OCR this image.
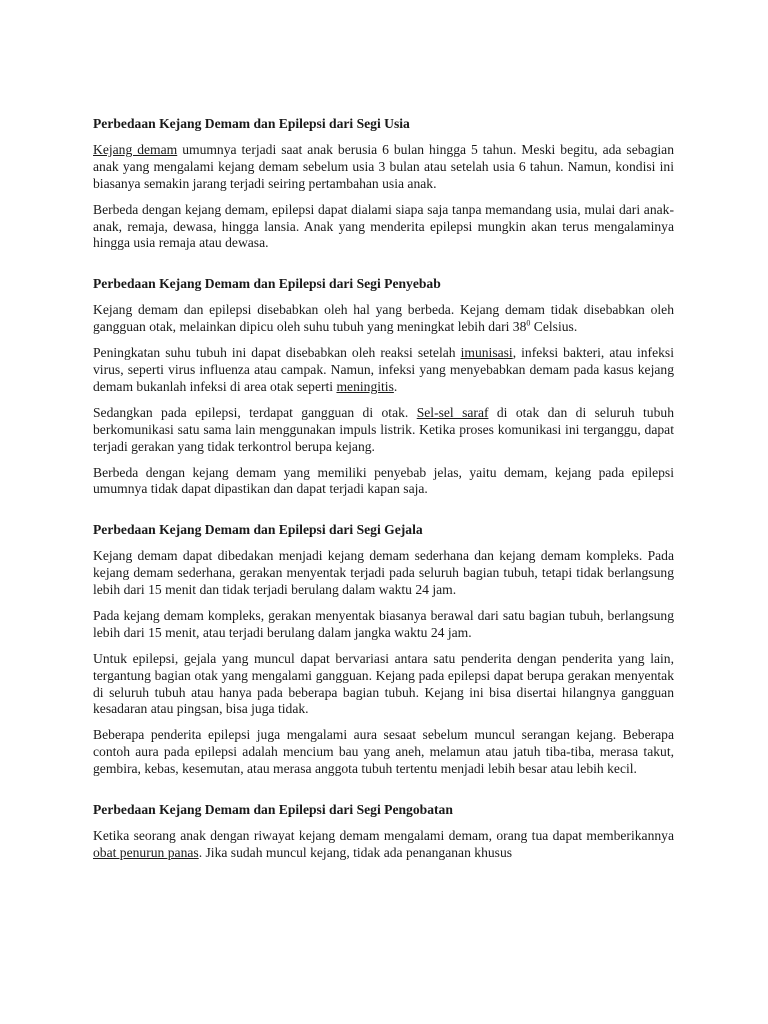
Perbedaan Kejang Demam dan Epilepsi dari Segi Usia

Kejang demam umumnya terjadi saat anak berusia 6 bulan hingga 5 tahun. Meski begitu, ada sebagian anak yang mengalami kejang demam sebelum usia 3 bulan atau setelah usia 6 tahun. Namun, kondisi ini biasanya semakin jarang terjadi seiring pertambahan usia anak.

Berbeda dengan kejang demam, epilepsi dapat dialami siapa saja tanpa memandang usia, mulai dari anak-anak, remaja, dewasa, hingga lansia. Anak yang menderita epilepsi mungkin akan terus mengalaminya hingga usia remaja atau dewasa.

Perbedaan Kejang Demam dan Epilepsi dari Segi Penyebab

Kejang demam dan epilepsi disebabkan oleh hal yang berbeda. Kejang demam tidak disebabkan oleh gangguan otak, melainkan dipicu oleh suhu tubuh yang meningkat lebih dari $38^0$ Celsius.

Peningkatan suhu tubuh ini dapat disebabkan oleh reaksi setelah imunisasi, infeksi bakteri, atau infeksi virus, seperti virus influenza atau campak. Namun, infeksi yang menyebabkan demam pada kasus kejang demam bukanlah infeksi di area otak seperti meningitis.

Sedangkan pada epilepsi, terdapat gangguan di otak. Sel-sel saraf di otak dan di seluruh tubuh berkomunikasi satu sama lain menggunakan impuls listrik. Ketika proses komunikasi ini terganggu, dapat terjadi gerakan yang tidak terkontrol berupa kejang.

Berbeda dengan kejang demam yang memiliki penyebab jelas, yaitu demam, kejang pada epilepsi umumnya tidak dapat dipastikan dan dapat terjadi kapan saja.

Perbedaan Kejang Demam dan Epilepsi dari Segi Gejala

Kejang demam dapat dibedakan menjadi kejang demam sederhana dan kejang demam kompleks. Pada kejang demam sederhana, gerakan menyentak terjadi pada seluruh bagian tubuh, tetapi tidak berlangsung lebih dari 15 menit dan tidak terjadi berulang dalam waktu 24 jam.

Pada kejang demam kompleks, gerakan menyentak biasanya berawal dari satu bagian tubuh, berlangsung lebih dari 15 menit, atau terjadi berulang dalam jangka waktu 24 jam.

Untuk epilepsi, gejala yang muncul dapat bervariasi antara satu penderita dengan penderita yang lain, tergantung bagian otak yang mengalami gangguan. Kejang pada epilepsi dapat berupa gerakan menyentak di seluruh tubuh atau hanya pada beberapa bagian tubuh. Kejang ini bisa disertai hilangnya gangguan kesadaran atau pingsan, bisa juga tidak.

Beberapa penderita epilepsi juga mengalami aura sesaat sebelum muncul serangan kejang. Beberapa contoh aura pada epilepsi adalah mencium bau yang aneh, melamun atau jatuh tiba-tiba, merasa takut, gembira, kebas, kesemutan, atau merasa anggota tubuh tertentu menjadi lebih besar atau lebih kecil.

Perbedaan Kejang Demam dan Epilepsi dari Segi Pengobatan

Ketika seorang anak dengan riwayat kejang demam mengalami demam, orang tua dapat memberikannya obat penurun panas. Jika sudah muncul kejang, tidak ada penanganan khusus
